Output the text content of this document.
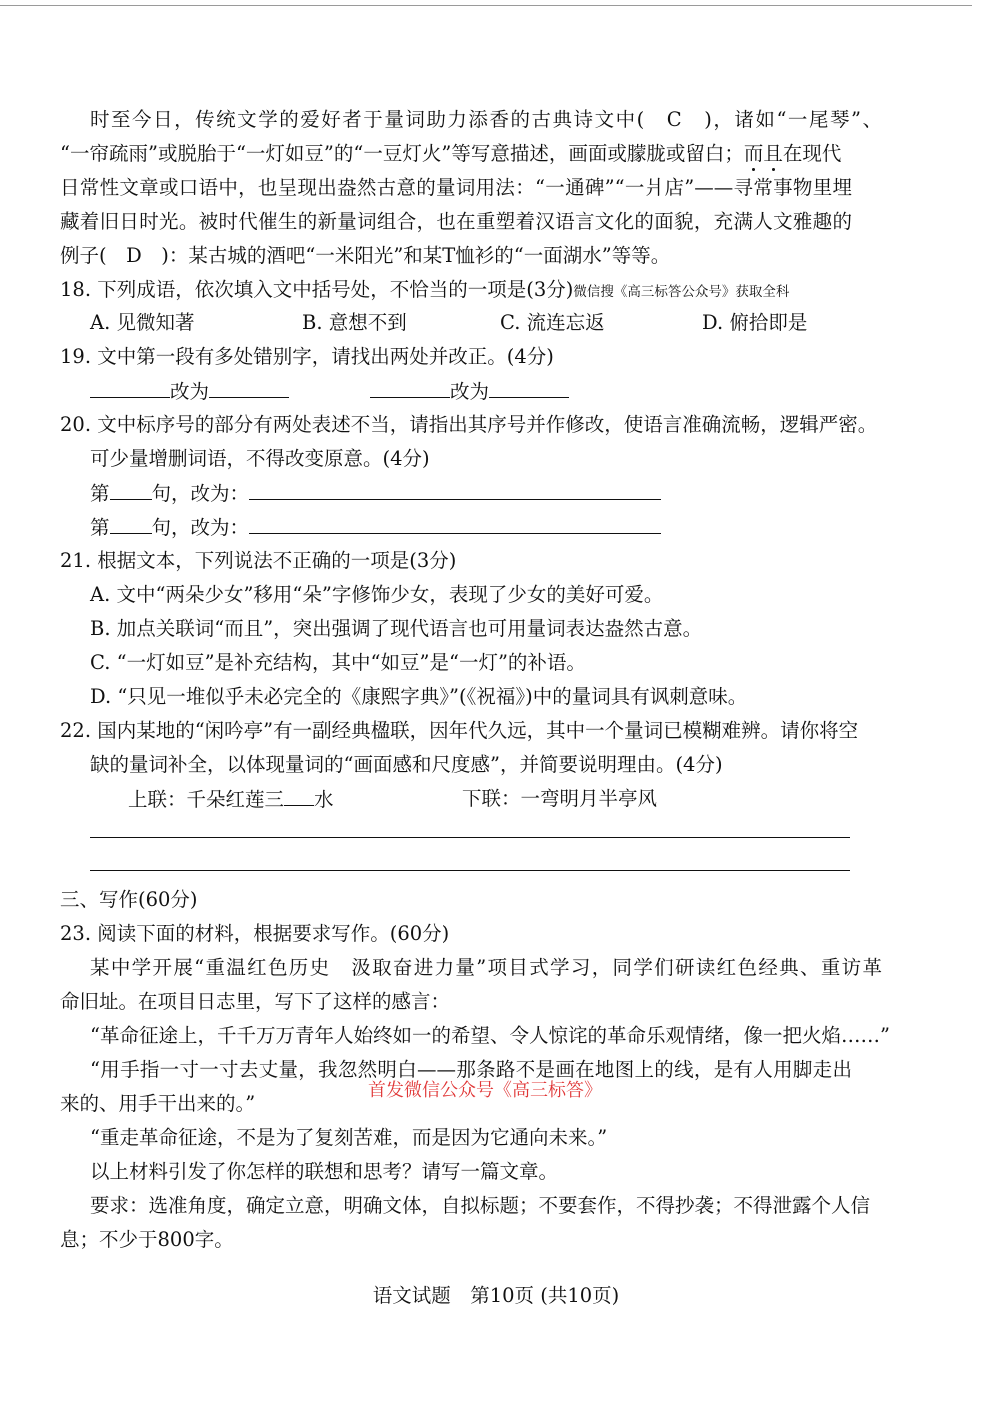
时至今日，传统文学的爱好者于量词助力添香的古典诗文中(　C　)，诸如“一尾琴”、
“一帘疏雨”或脱胎于“一灯如豆”的“一豆灯火”等写意描述，画面或朦胧或留白；而且在现代
日常性文章或口语中，也呈现出盎然古意的量词用法：“一通碑”“一爿店”——寻常事物里埋
藏着旧日时光。被时代催生的新量词组合，也在重塑着汉语言文化的面貌，充满人文雅趣的
例子(　D　)：某古城的酒吧“一米阳光”和某T恤衫的“一面湖水”等等。
18. 下列成语，依次填入文中括号处，不恰当的一项是(3分)微信搜《高三标答公众号》获取全科
A. 见微知著	B. 意想不到	C. 流连忘返	D. 俯拾即是
19. 文中第一段有多处错别字，请找出两处并改正。(4分)
改为	改为
20. 文中标序号的部分有两处表述不当，请指出其序号并作修改，使语言准确流畅，逻辑严密。
可少量增删词语，不得改变原意。(4分)
第 句，改为：
第 句，改为：
21. 根据文本，下列说法不正确的一项是(3分)
A. 文中“两朵少女”移用“朵”字修饰少女，表现了少女的美好可爱。
B. 加点关联词“而且”，突出强调了现代语言也可用量词表达盎然古意。
C. “一灯如豆”是补充结构，其中“如豆”是“一灯”的补语。
D. “只见一堆似乎未必完全的《康熙字典》”(《祝福》)中的量词具有讽刺意味。
22. 国内某地的“闲吟亭”有一副经典楹联，因年代久远，其中一个量词已模糊难辨。请你将空
缺的量词补全，以体现量词的“画面感和尺度感”，并简要说明理由。(4分)
上联：千朵红莲三 水	下联：一弯明月半亭风
三、写作(60分)
23. 阅读下面的材料，根据要求写作。(60分)
某中学开展“重温红色历史　汲取奋进力量”项目式学习，同学们研读红色经典、重访革
命旧址。在项目日志里，写下了这样的感言：
“革命征途上，千千万万青年人始终如一的希望、令人惊诧的革命乐观情绪，像一把火焰……”
“用手指一寸一寸去丈量，我忽然明白——那条路不是画在地图上的线，是有人用脚走出
来的、用手干出来的。”
首发微信公众号《高三标答》
“重走革命征途，不是为了复刻苦难，而是因为它通向未来。”
以上材料引发了你怎样的联想和思考？请写一篇文章。
要求：选准角度，确定立意，明确文体，自拟标题；不要套作，不得抄袭；不得泄露个人信
息；不少于800字。
语文试题　第10页 (共10页)
